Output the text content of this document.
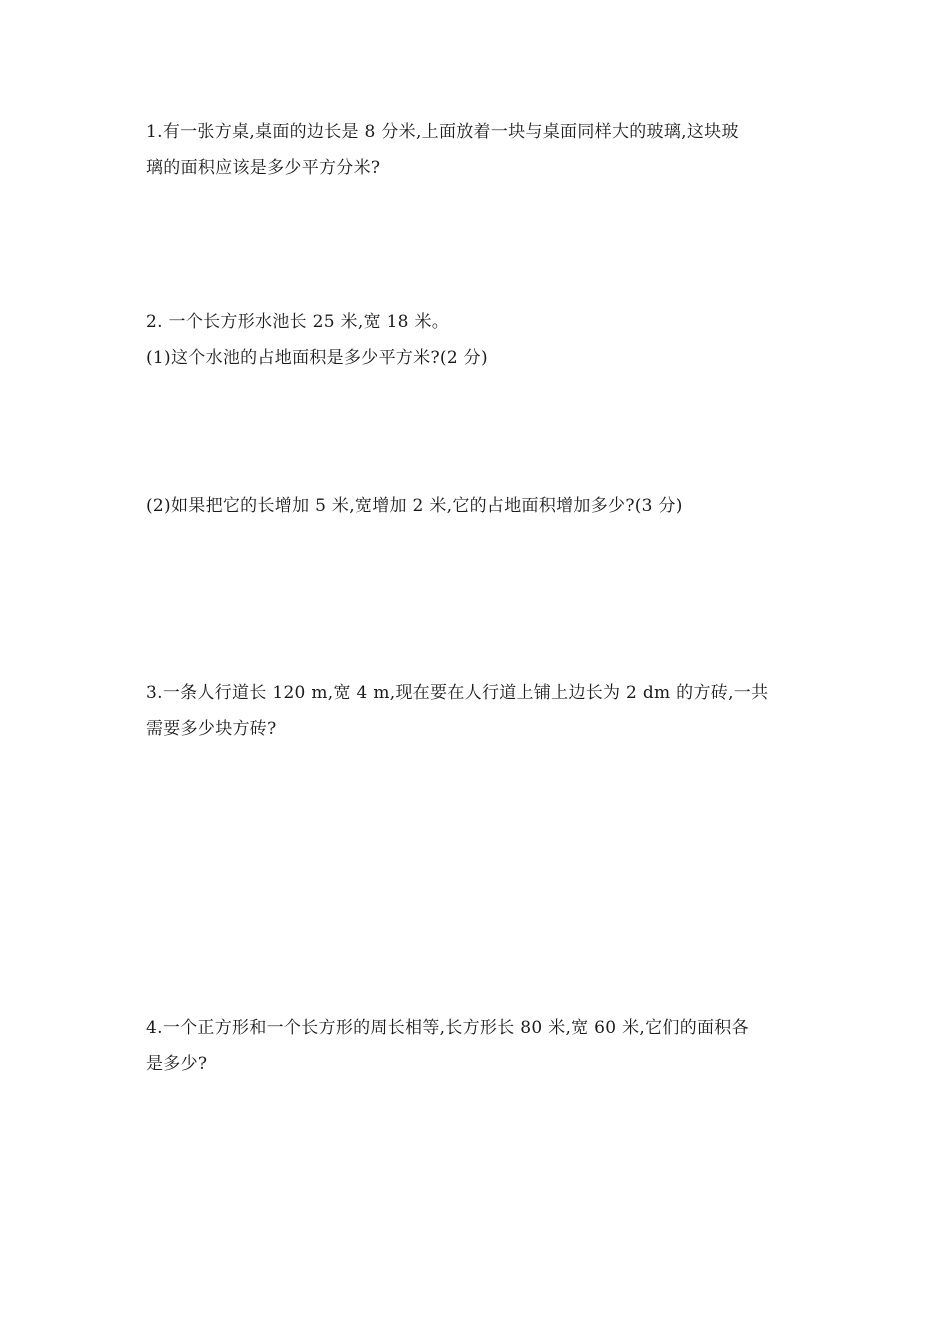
1.有一张方桌,桌面的边长是 8 分米,上面放着一块与桌面同样大的玻璃,这块玻
璃的面积应该是多少平方分米?
2. 一个长方形水池长 25 米,宽 18 米。
(1)这个水池的占地面积是多少平方米?(2 分)
(2)如果把它的长增加 5 米,宽增加 2 米,它的占地面积增加多少?(3 分)
3.一条人行道长 120 m,宽 4 m,现在要在人行道上铺上边长为 2 dm 的方砖,一共
需要多少块方砖?
4.一个正方形和一个长方形的周长相等,长方形长 80 米,宽 60 米,它们的面积各
是多少?
